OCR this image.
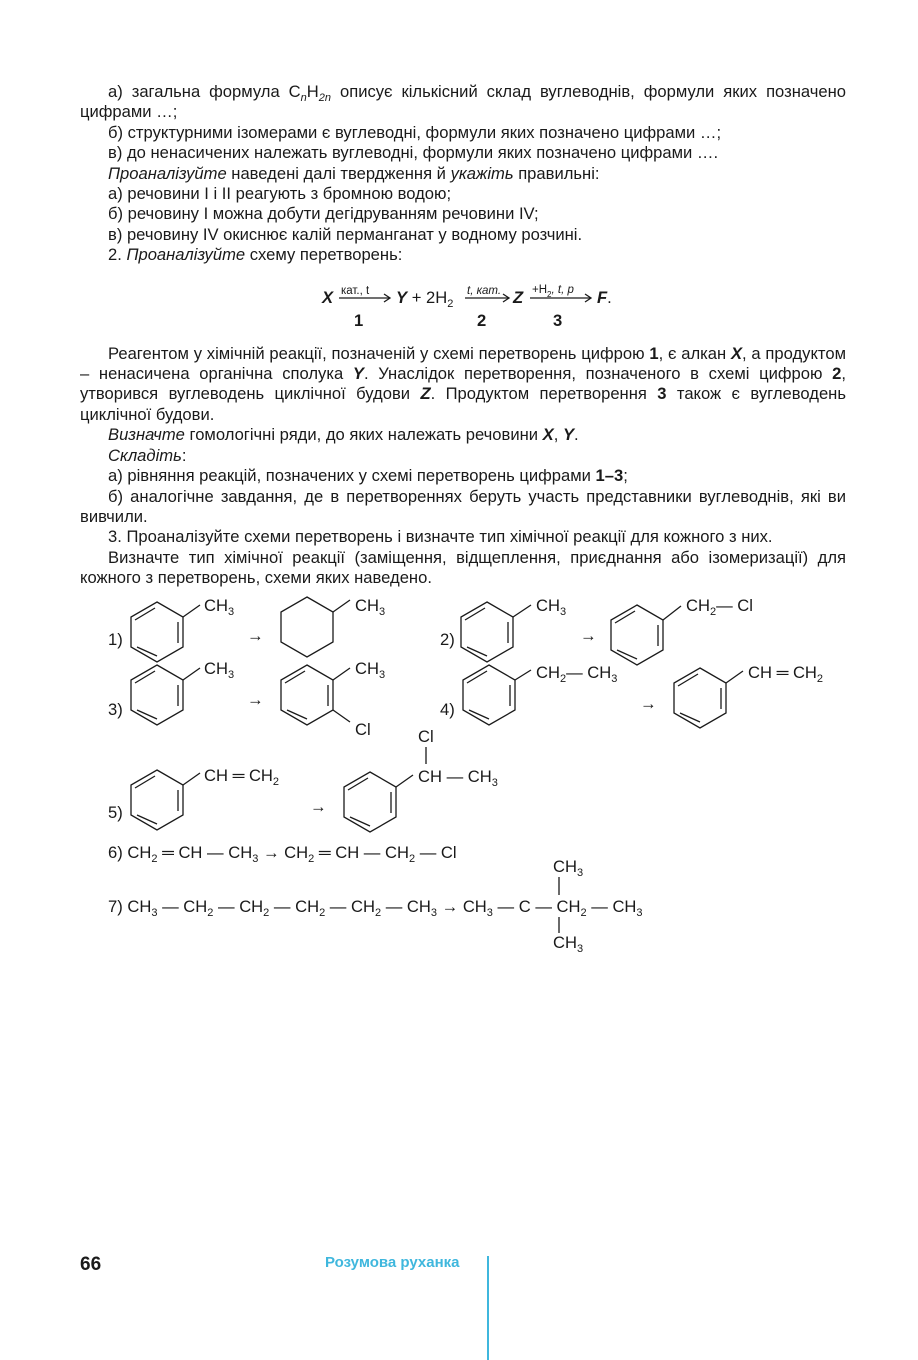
а) загальна формула $C_nH_{2n}$ описує кількісний склад вуглеводнів, формули яких позначено цифрами …;

б) структурними ізомерами є вуглеводні, формули яких позначено цифрами …;

в) до ненасичених належать вуглеводні, формули яких позначено цифрами ….

Проаналізуйте наведені далі твердження й укажіть правильні:

а) речовини I і II реагують з бромною водою;

б) речовину I можна добути дегідруванням речовини IV;

в) речовину IV окиснює калій перманганат у водному розчині.

2. Проаналізуйте схему перетворень:

Реагентом у хімічній реакції, позначеній у схемі перетворень цифрою 1, є алкан X, а продуктом – ненасичена органічна сполука Y. Унаслідок перетворення, позначеного в схемі цифрою 2, утворився вуглеводень циклічної будови Z. Продуктом перетворення 3 також є вуглеводень циклічної будови.

Визначте гомологічні ряди, до яких належать речовини X, Y.

Складіть:

а) рівняння реакцій, позначених у схемі перетворень цифрами 1–3;

б) аналогічне завдання, де в перетвореннях беруть участь представники вуглеводнів, які ви вивчили.

3. Проаналізуйте схеми перетворень і визначте тип хімічної реакції для кожного з них.

Визначте тип хімічної реакції (заміщення, відщеплення, приєднання або ізомеризації) для кожного з перетворень, схеми яких наведено.

X кат., t $Y + 2H_2$
t, кат. $Z +H_2$, t, p F.
1	2	3
1)
$CH_3$
→
$CH_3$
2)
$CH_3$
→
$CH_2—$ Cl
3)
$CH_3$
→
$CH_3$
Cl
4)
$CH_2—$ $CH_3$
→
CH ═ $CH_2$
5)
CH ═ $CH_2$
→
Cl
CH — $CH_3$
6) $CH_2$ ═ CH — $CH_3 \to CH_2$ ═ CH — $CH_2$ — Cl
$CH_3$
7) $CH_3$ — $CH_2$ — $CH_2$ — $CH_2$ — $CH_2$ — $CH_3 \to CH_3$ — C — $CH_2$ — $CH_3$
$CH_3$
66	Розумова руханка
